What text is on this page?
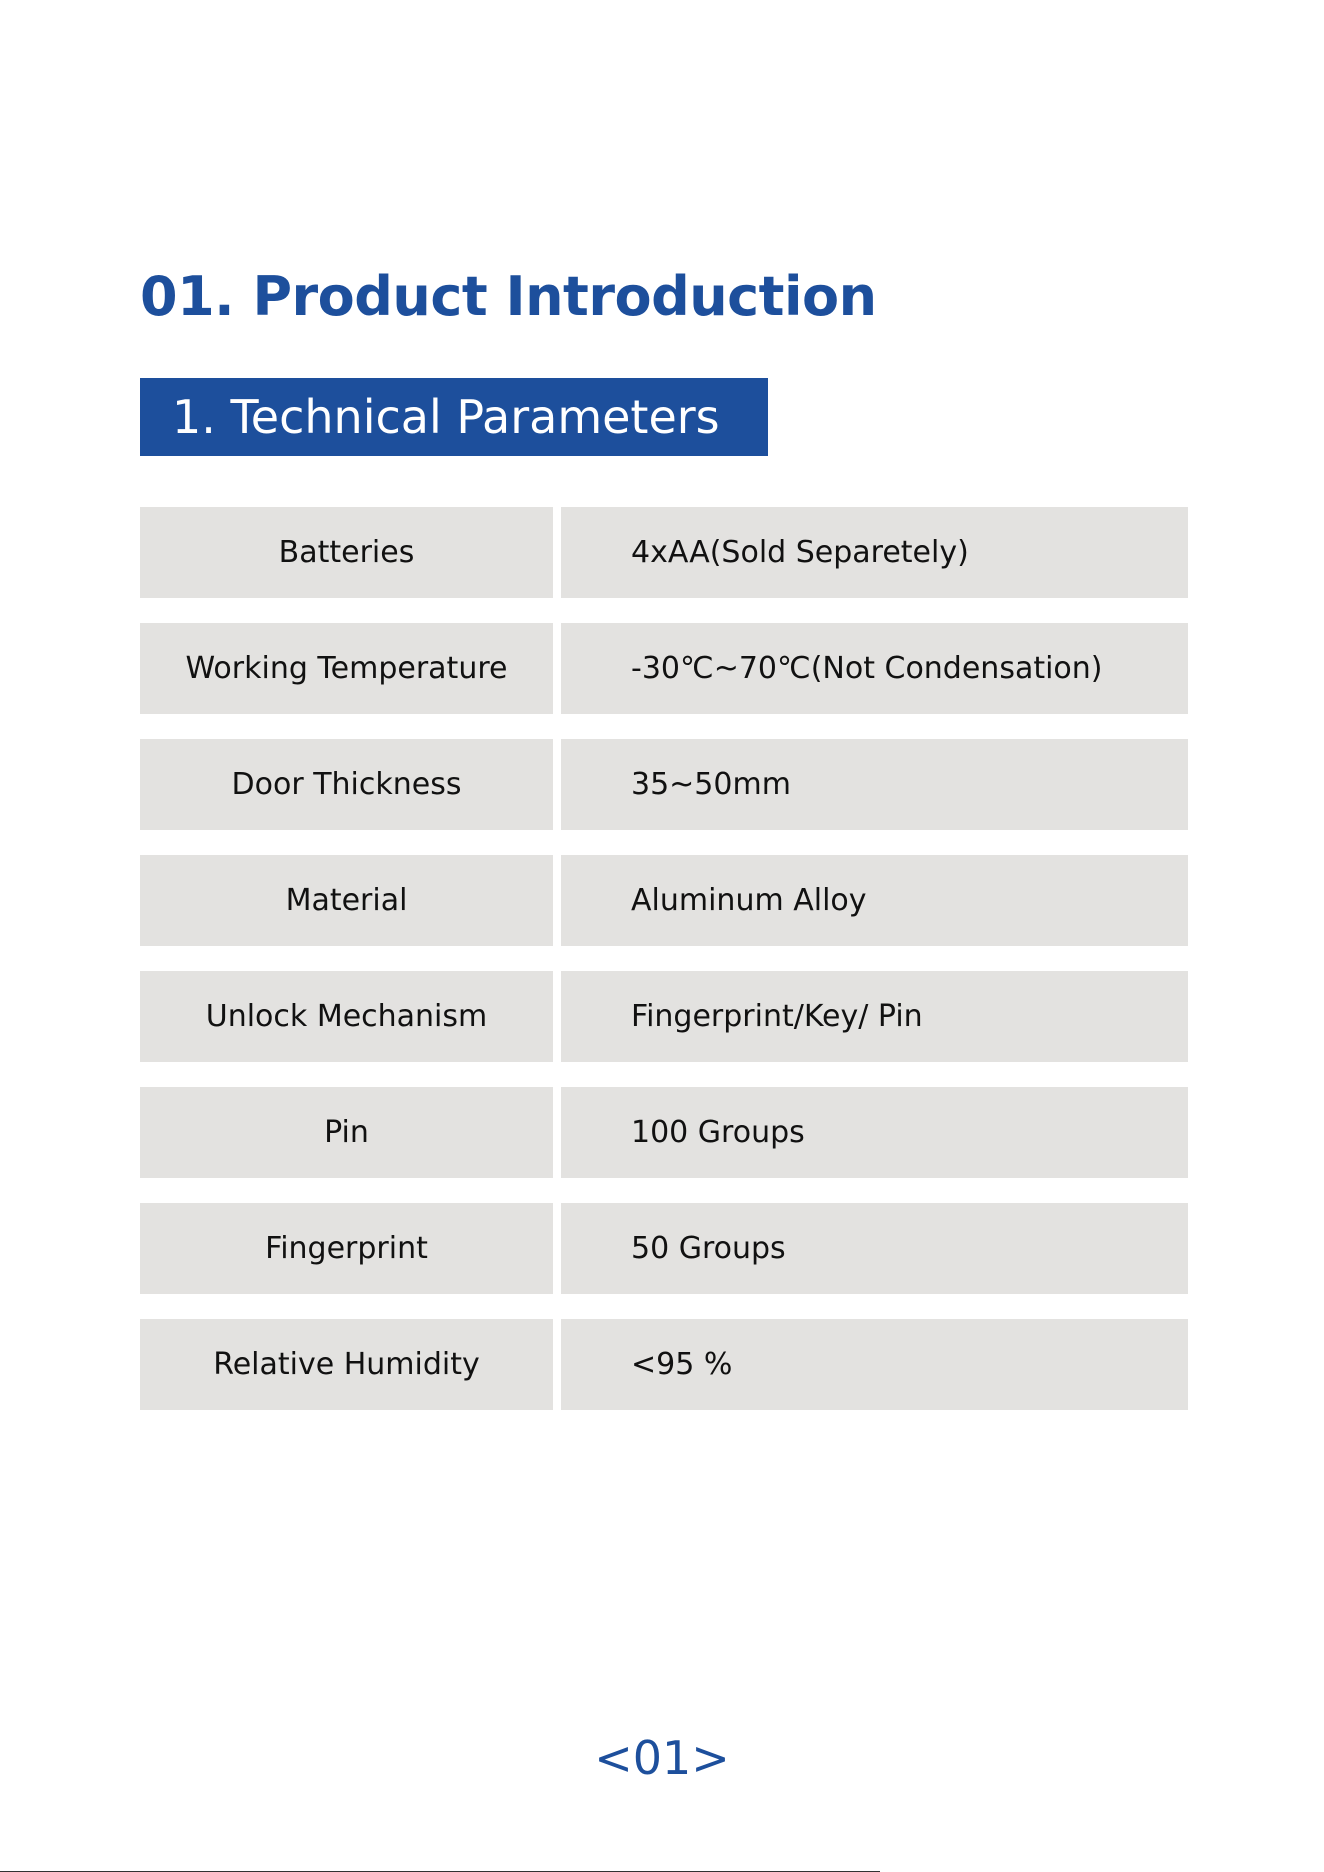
01. Product Introduction
1. Technical Parameters
Batteries	4xAA(Sold Separetely)
Working Temperature	-30℃~70℃(Not Condensation)
Door Thickness	35~50mm
Material	Aluminum Alloy
Unlock Mechanism	Fingerprint/Key/ Pin
Pin	100 Groups
Fingerprint	50 Groups
Relative Humidity	<95 %
<01>
